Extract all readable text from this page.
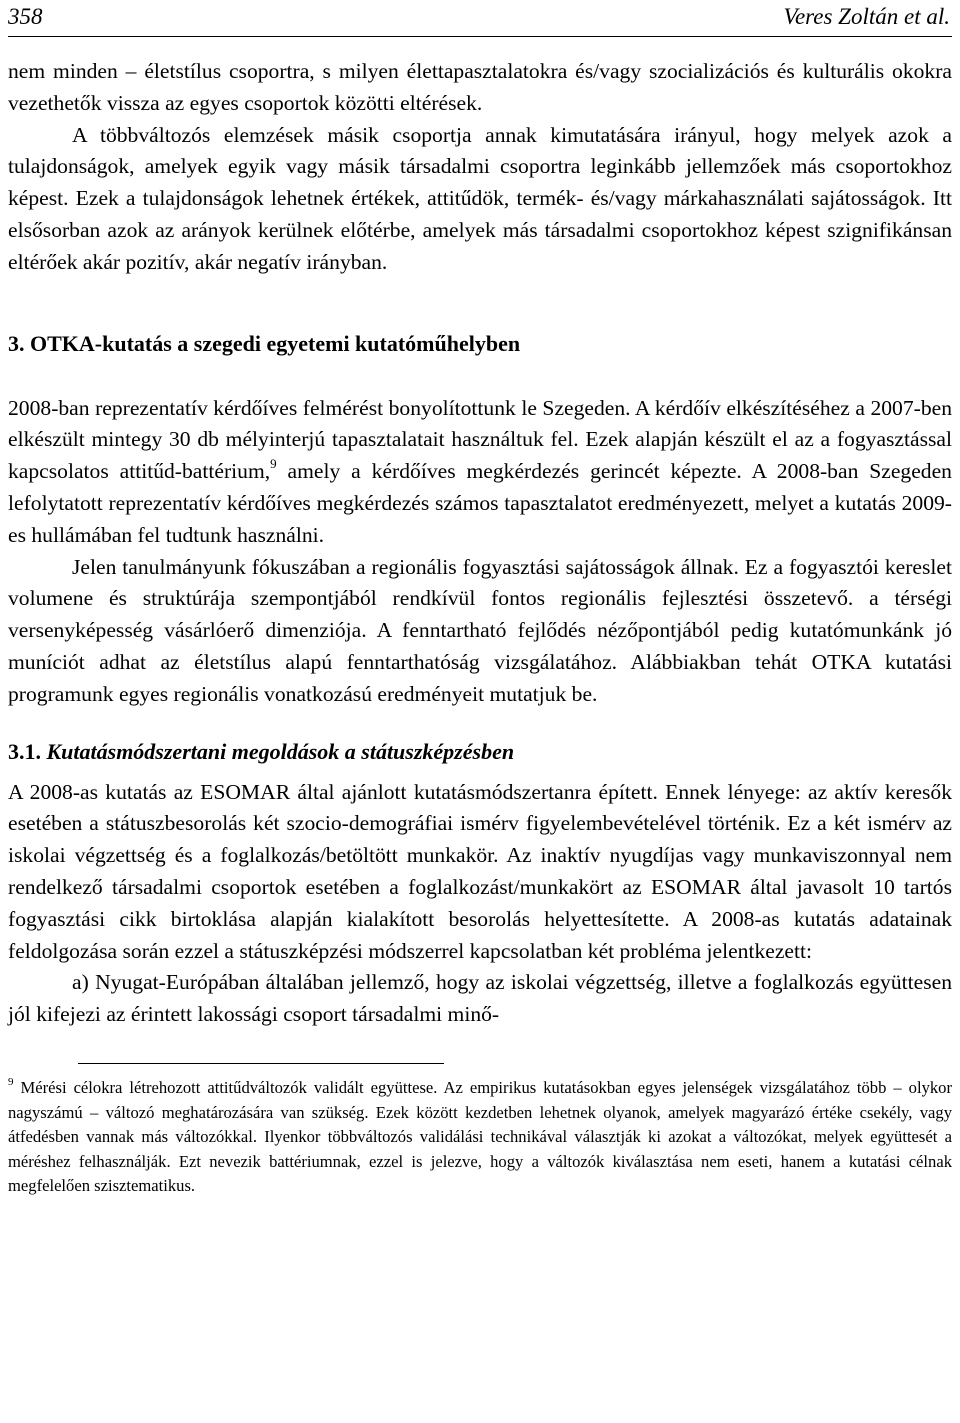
358	Veres Zoltán et al.

nem minden – életstílus csoportra, s milyen élettapasztalatokra és/vagy szocializációs és kulturális okokra vezethetők vissza az egyes csoportok közötti eltérések.

A többváltozós elemzések másik csoportja annak kimutatására irányul, hogy melyek azok a tulajdonságok, amelyek egyik vagy másik társadalmi csoportra leginkább jellemzőek más csoportokhoz képest. Ezek a tulajdonságok lehetnek értékek, attitűdök, termék- és/vagy márkahasználati sajátosságok. Itt elsősorban azok az arányok kerülnek előtérbe, amelyek más társadalmi csoportokhoz képest szignifikánsan eltérőek akár pozitív, akár negatív irányban.

3. OTKA-kutatás a szegedi egyetemi kutatóműhelyben

2008-ban reprezentatív kérdőíves felmérést bonyolítottunk le Szegeden. A kérdőív elkészítéséhez a 2007-ben elkészült mintegy 30 db mélyinterjú tapasztalatait használtuk fel. Ezek alapján készült el az a fogyasztással kapcsolatos attitűd-battérium,$^9$ amely a kérdőíves megkérdezés gerincét képezte. A 2008-ban Szegeden lefolytatott reprezentatív kérdőíves megkérdezés számos tapasztalatot eredményezett, melyet a kutatás 2009-es hullámában fel tudtunk használni.

Jelen tanulmányunk fókuszában a regionális fogyasztási sajátosságok állnak. Ez a fogyasztói kereslet volumene és struktúrája szempontjából rendkívül fontos regionális fejlesztési összetevő. a térségi versenyképesség vásárlóerő dimenziója. A fenntartható fejlődés nézőpontjából pedig kutatómunkánk jó muníciót adhat az életstílus alapú fenntarthatóság vizsgálatához. Alábbiakban tehát OTKA kutatási programunk egyes regionális vonatkozású eredményeit mutatjuk be.

3.1. Kutatásmódszertani megoldások a státuszképzésben

A 2008-as kutatás az ESOMAR által ajánlott kutatásmódszertanra épített. Ennek lényege: az aktív keresők esetében a státuszbesorolás két szocio-demográfiai ismérv figyelembevételével történik. Ez a két ismérv az iskolai végzettség és a foglalkozás/betöltött munkakör. Az inaktív nyugdíjas vagy munkaviszonnyal nem rendelkező társadalmi csoportok esetében a foglalkozást/munkakört az ESOMAR által javasolt 10 tartós fogyasztási cikk birtoklása alapján kialakított besorolás helyettesítette. A 2008-as kutatás adatainak feldolgozása során ezzel a státuszképzési módszerrel kapcsolatban két probléma jelentkezett:

a) Nyugat-Európában általában jellemző, hogy az iskolai végzettség, illetve a foglalkozás együttesen jól kifejezi az érintett lakossági csoport társadalmi minő-

$^9$ Mérési célokra létrehozott attitűdváltozók validált együttese. Az empirikus kutatásokban egyes jelenségek vizsgálatához több – olykor nagyszámú – változó meghatározására van szükség. Ezek között kezdetben lehetnek olyanok, amelyek magyarázó értéke csekély, vagy átfedésben vannak más változókkal. Ilyenkor többváltozós validálási technikával választják ki azokat a változókat, melyek együttesét a méréshez felhasználják. Ezt nevezik battériumnak, ezzel is jelezve, hogy a változók kiválasztása nem eseti, hanem a kutatási célnak megfelelően szisztematikus.
